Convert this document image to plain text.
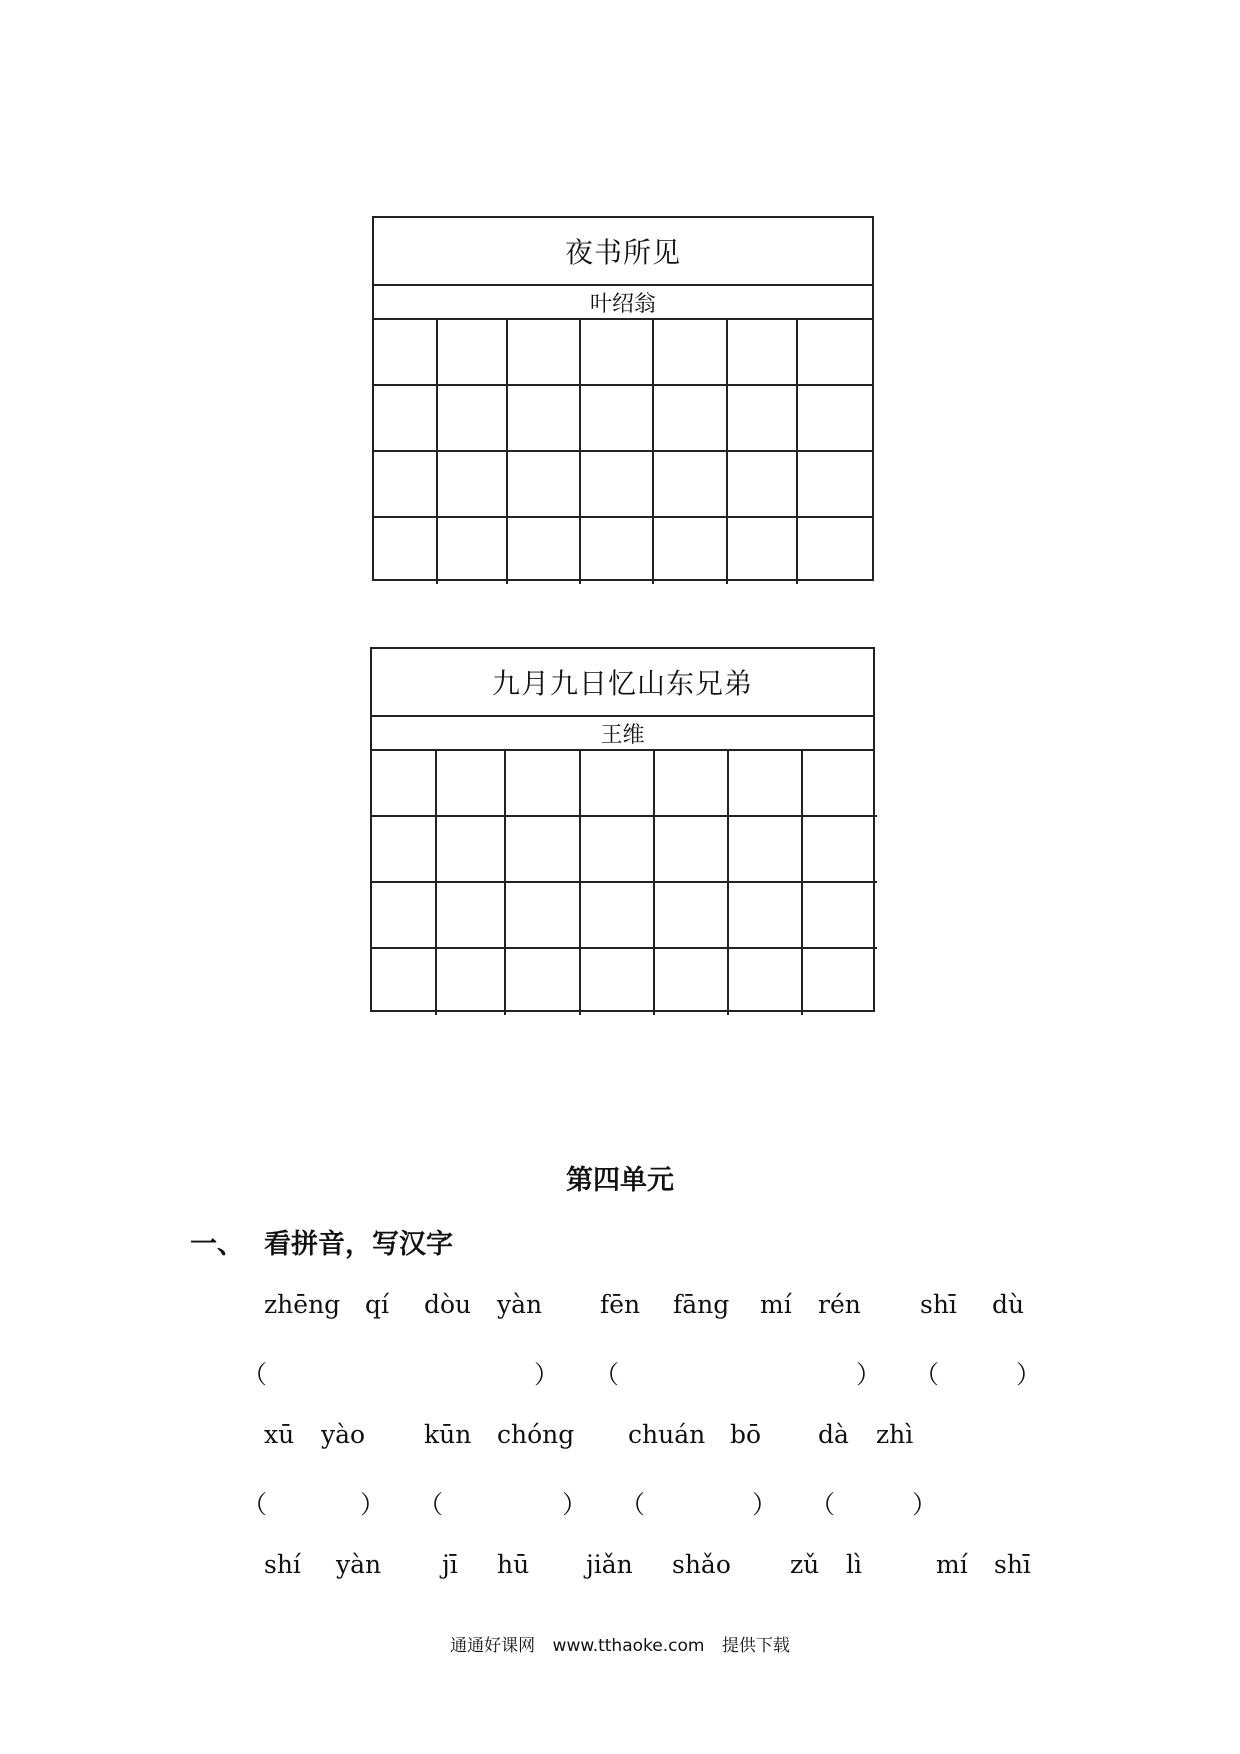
夜书所见
叶绍翁
九月九日忆山东兄弟
王维
第四单元
一、 看拼音，写汉字
zhēng qí dòu yàn fēn fāng mí rén shī dù
（	） （	） （	）
xū yào kūn chóng chuán bō dà zhì
（	） （	） （	） （	）
shí yàn jī hū jiǎn shǎo zǔ lì	mí shī
通通好课网 www.tthaoke.com 提供下载
